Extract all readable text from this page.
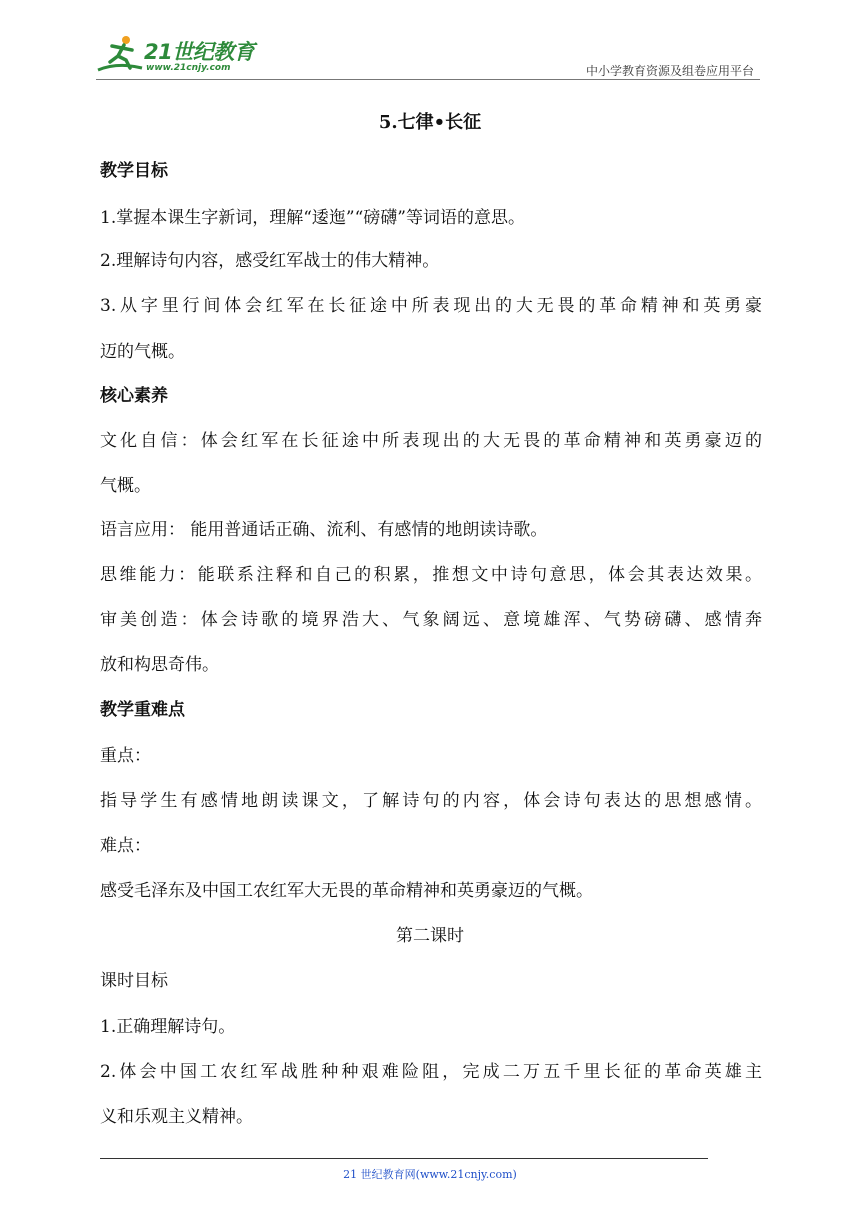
21世纪教育
www.21cnjy.com	中小学教育资源及组卷应用平台
5.七律•长征
教学目标
1.掌握本课生字新词，理解“逶迤”“磅礴”等词语的意思。
2.理解诗句内容，感受红军战士的伟大精神。
3.从字里行间体会红军在长征途中所表现出的大无畏的革命精神和英勇豪
迈的气概。
核心素养
文化自信：体会红军在长征途中所表现出的大无畏的革命精神和英勇豪迈的
气概。
语言应用： 能用普通话正确、流利、有感情的地朗读诗歌。
思维能力：能联系注释和自己的积累，推想文中诗句意思，体会其表达效果。
审美创造：体会诗歌的境界浩大、气象阔远、意境雄浑、气势磅礴、感情奔
放和构思奇伟。
教学重难点
重点：
指导学生有感情地朗读课文，了解诗句的内容，体会诗句表达的思想感情。
难点：
感受毛泽东及中国工农红军大无畏的革命精神和英勇豪迈的气概。
第二课时
课时目标
1.正确理解诗句。
2.体会中国工农红军战胜种种艰难险阻，完成二万五千里长征的革命英雄主
义和乐观主义精神。
21 世纪教育网(www.21cnjy.com)
